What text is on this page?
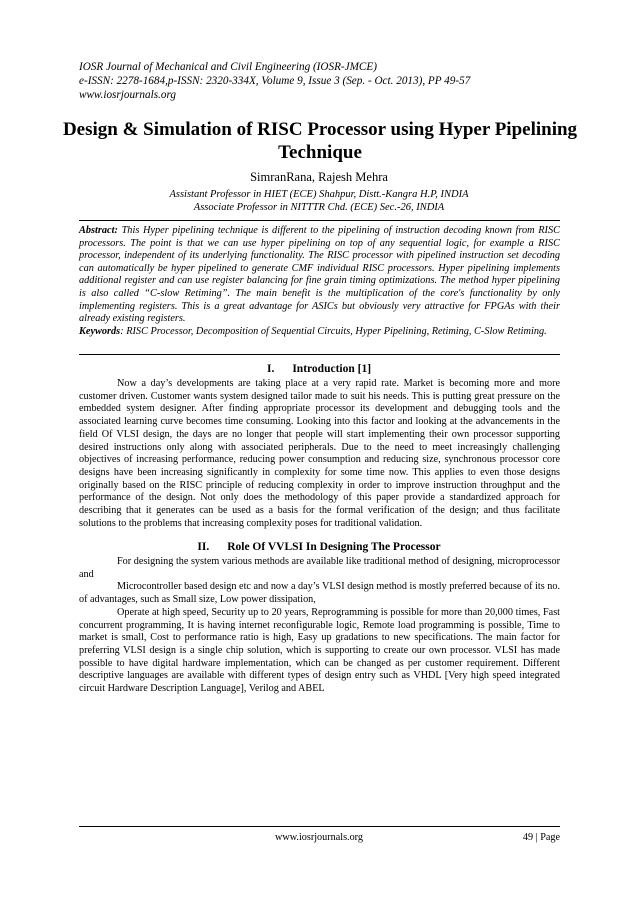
IOSR Journal of Mechanical and Civil Engineering (IOSR-JMCE)
e-ISSN: 2278-1684,p-ISSN: 2320-334X, Volume 9, Issue 3 (Sep. - Oct. 2013), PP 49-57
www.iosrjournals.org
Design & Simulation of RISC Processor using Hyper Pipelining Technique
SimranRana, Rajesh Mehra
Assistant Professor in HIET (ECE) Shahpur, Distt.-Kangra H.P, INDIA
Associate Professor in NITTTR Chd. (ECE) Sec.-26, INDIA
Abstract: This Hyper pipelining technique is different to the pipelining of instruction decoding known from RISC processors. The point is that we can use hyper pipelining on top of any sequential logic, for example a RISC processor, independent of its underlying functionality. The RISC processor with pipelined instruction set decoding can automatically be hyper pipelined to generate CMF individual RISC processors. Hyper pipelining implements additional register and can use register balancing for fine grain timing optimizations. The method hyper pipelining is also called “C-slow Retiming”. The main benefit is the multiplication of the core's functionality by only implementing registers. This is a great advantage for ASICs but obviously very attractive for FPGAs with their already existing registers.
Keywords: RISC Processor, Decomposition of Sequential Circuits, Hyper Pipelining, Retiming, C-Slow Retiming.
I. Introduction [1]

Now a day’s developments are taking place at a very rapid rate. Market is becoming more and more customer driven. Customer wants system designed tailor made to suit his needs. This is putting great pressure on the embedded system designer. After finding appropriate processor its development and debugging tools and the associated learning curve becomes time consuming. Looking into this factor and looking at the advancements in the field Of VLSI design, the days are no longer that people will start implementing their own processor supporting desired instructions only along with associated peripherals. Due to the need to meet increasingly challenging objectives of increasing performance, reducing power consumption and reducing size, synchronous processor core designs have been increasing significantly in complexity for some time now. This applies to even those designs originally based on the RISC principle of reducing complexity in order to improve instruction throughput and the performance of the design. Not only does the methodology of this paper provide a standardized approach for describing that it generates can be used as a basis for the formal verification of the design; and thus facilitate solutions to the problems that increasing complexity poses for traditional validation.

II. Role Of VVLSI In Designing The Processor

For designing the system various methods are available like traditional method of designing, microprocessor and

Microcontroller based design etc and now a day’s VLSI design method is mostly preferred because of its no. of advantages, such as Small size, Low power dissipation,

Operate at high speed, Security up to 20 years, Reprogramming is possible for more than 20,000 times, Fast concurrent programming, It is having internet reconfigurable logic, Remote load programming is possible, Time to market is small, Cost to performance ratio is high, Easy up gradations to new specifications. The main factor for preferring VLSI design is a single chip solution, which is supporting to create our own processor. VLSI has made possible to have digital hardware implementation, which can be changed as per customer requirement. Different descriptive languages are available with different types of design entry such as VHDL [Very high speed integrated circuit Hardware Description Language], Verilog and ABEL

www.iosrjournals.org	49 | Page
